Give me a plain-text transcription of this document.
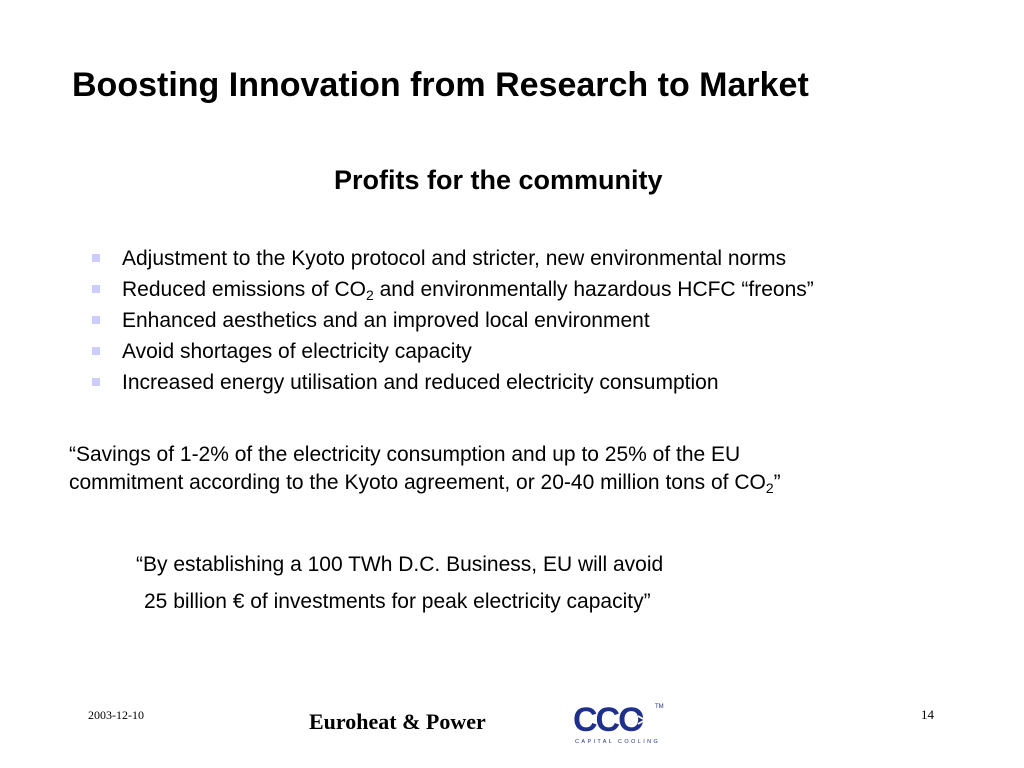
Boosting Innovation from Research to Market
Profits for the community
Adjustment to the Kyoto protocol and stricter, new environmental norms
Reduced emissions of $CO_2$ and environmentally hazardous HCFC “freons”
Enhanced aesthetics and an improved local environment
Avoid shortages of electricity capacity
Increased energy utilisation and reduced electricity consumption
“Savings of 1-2% of the electricity consumption and up to 25% of the EU
commitment according to the Kyoto agreement, or 20-40 million tons of $CO_2$”
“By establishing a 100 TWh D.C. Business, EU will avoid
25 billion € of investments for peak electricity capacity”
2003-12-10	Euroheat & Power	CCO TM
CAPITAL COOLING
14
